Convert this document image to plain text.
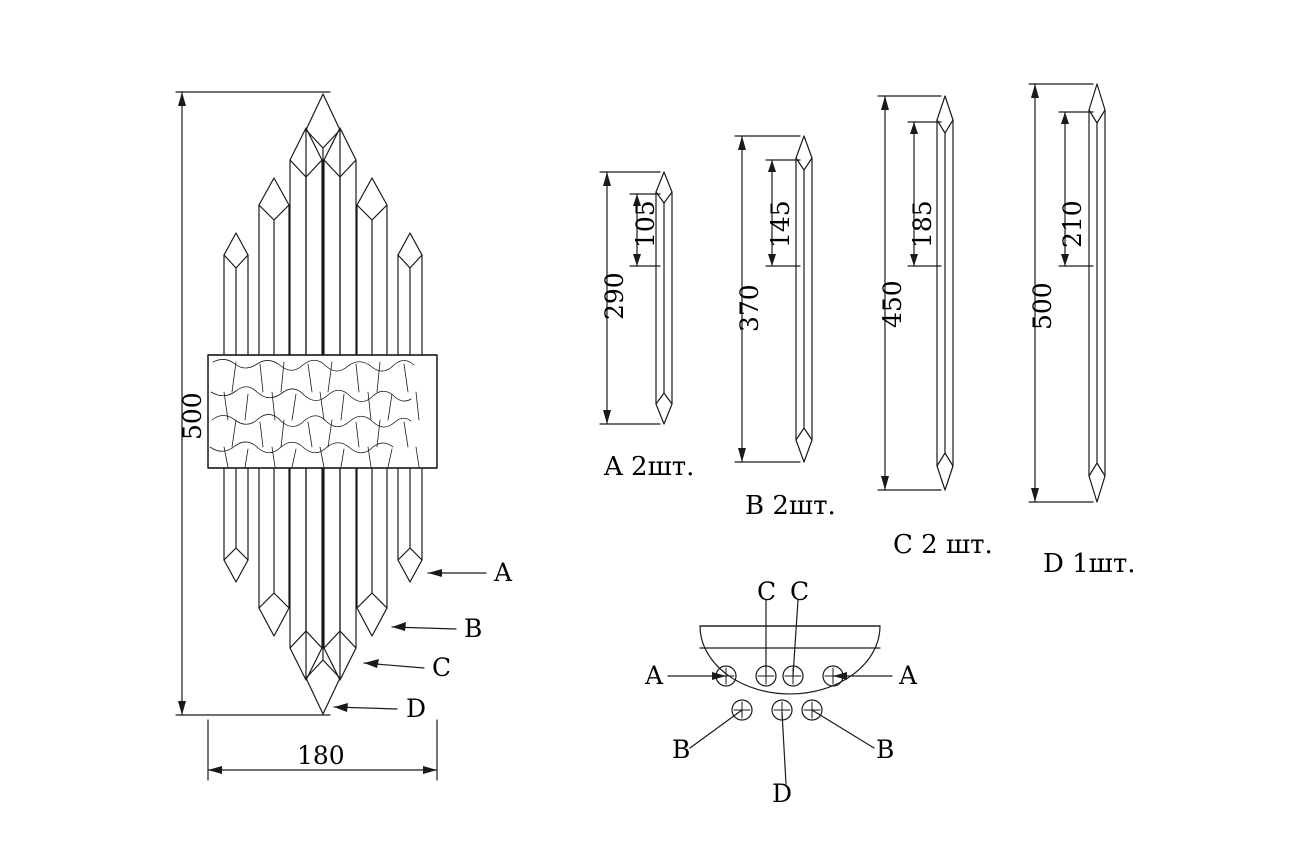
500
180
A
B
C
D
290
105
A 2шт.
370
145
B 2шт.
450
185
C 2 шт.
500
210
D 1шт.
C C
A	A
B	B
D
